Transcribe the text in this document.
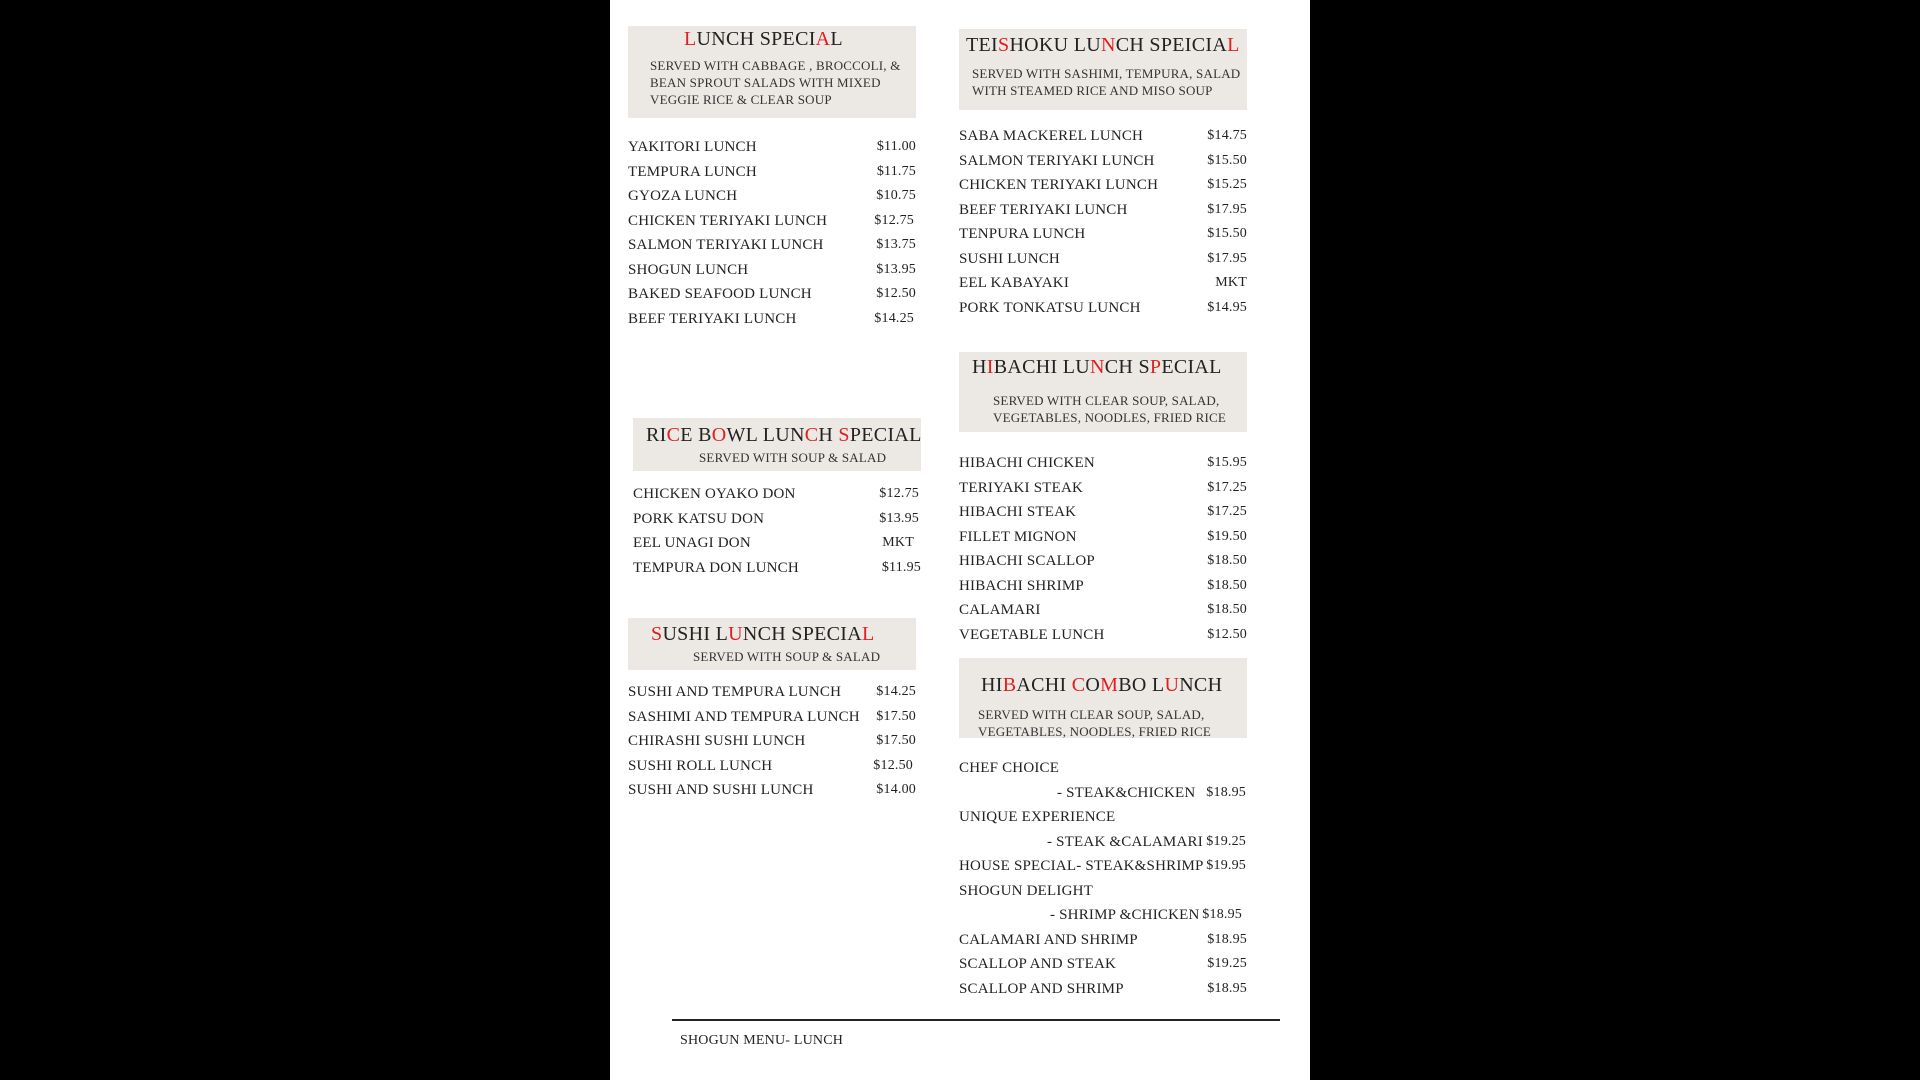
LUNCH SPECIAL
SERVED WITH CABBAGE , BROCCOLI, & BEAN SPROUT SALADS WITH MIXED VEGGIE RICE & CLEAR SOUP
YAKITORI LUNCH	$11.00
TEMPURA LUNCH	$11.75
GYOZA LUNCH	$10.75
CHICKEN TERIYAKI LUNCH	$12.75
SALMON TERIYAKI LUNCH	$13.75
SHOGUN LUNCH	$13.95
BAKED SEAFOOD LUNCH	$12.50
BEEF TERIYAKI LUNCH	$14.25
RICE BOWL LUNCH SPECIAL
SERVED WITH SOUP & SALAD
CHICKEN OYAKO DON	$12.75
PORK KATSU DON	$13.95
EEL UNAGI DON	MKT
TEMPURA DON LUNCH	$11.95
SUSHI LUNCH SPECIAL
SERVED WITH SOUP & SALAD
SUSHI AND TEMPURA LUNCH	$14.25
SASHIMI AND TEMPURA LUNCH $17.50
CHIRASHI SUSHI LUNCH	$17.50
SUSHI ROLL LUNCH	$12.50
SUSHI AND SUSHI LUNCH	$14.00
TEISHOKU LUNCH SPEICIAL
SERVED WITH SASHIMI, TEMPURA, SALAD WITH STEAMED RICE AND MISO SOUP
SABA MACKEREL LUNCH	$14.75
SALMON TERIYAKI LUNCH	$15.50
CHICKEN TERIYAKI LUNCH	$15.25
BEEF TERIYAKI LUNCH	$17.95
TENPURA LUNCH	$15.50
SUSHI LUNCH	$17.95
EEL KABAYAKI	MKT
PORK TONKATSU LUNCH	$14.95
HIBACHI LUNCH SPECIAL
SERVED WITH CLEAR SOUP, SALAD, VEGETABLES, NOODLES, FRIED RICE
HIBACHI CHICKEN	$15.95
TERIYAKI STEAK	$17.25
HIBACHI STEAK	$17.25
FILLET MIGNON	$19.50
HIBACHI SCALLOP	$18.50
HIBACHI SHRIMP	$18.50
CALAMARI	$18.50
VEGETABLE LUNCH	$12.50
HIBACHI COMBO LUNCH
SERVED WITH CLEAR SOUP, SALAD, VEGETABLES, NOODLES, FRIED RICE
CHEF CHOICE
- STEAK&CHICKEN $18.95
UNIQUE EXPERIENCE
- STEAK &CALAMARI $19.25
HOUSE SPECIAL- STEAK&SHRIMP $19.95
SHOGUN DELIGHT
- SHRIMP &CHICKEN $18.95
CALAMARI AND SHRIMP	$18.95
SCALLOP AND STEAK	$19.25
SCALLOP AND SHRIMP	$18.95
SHOGUN MENU- LUNCH
